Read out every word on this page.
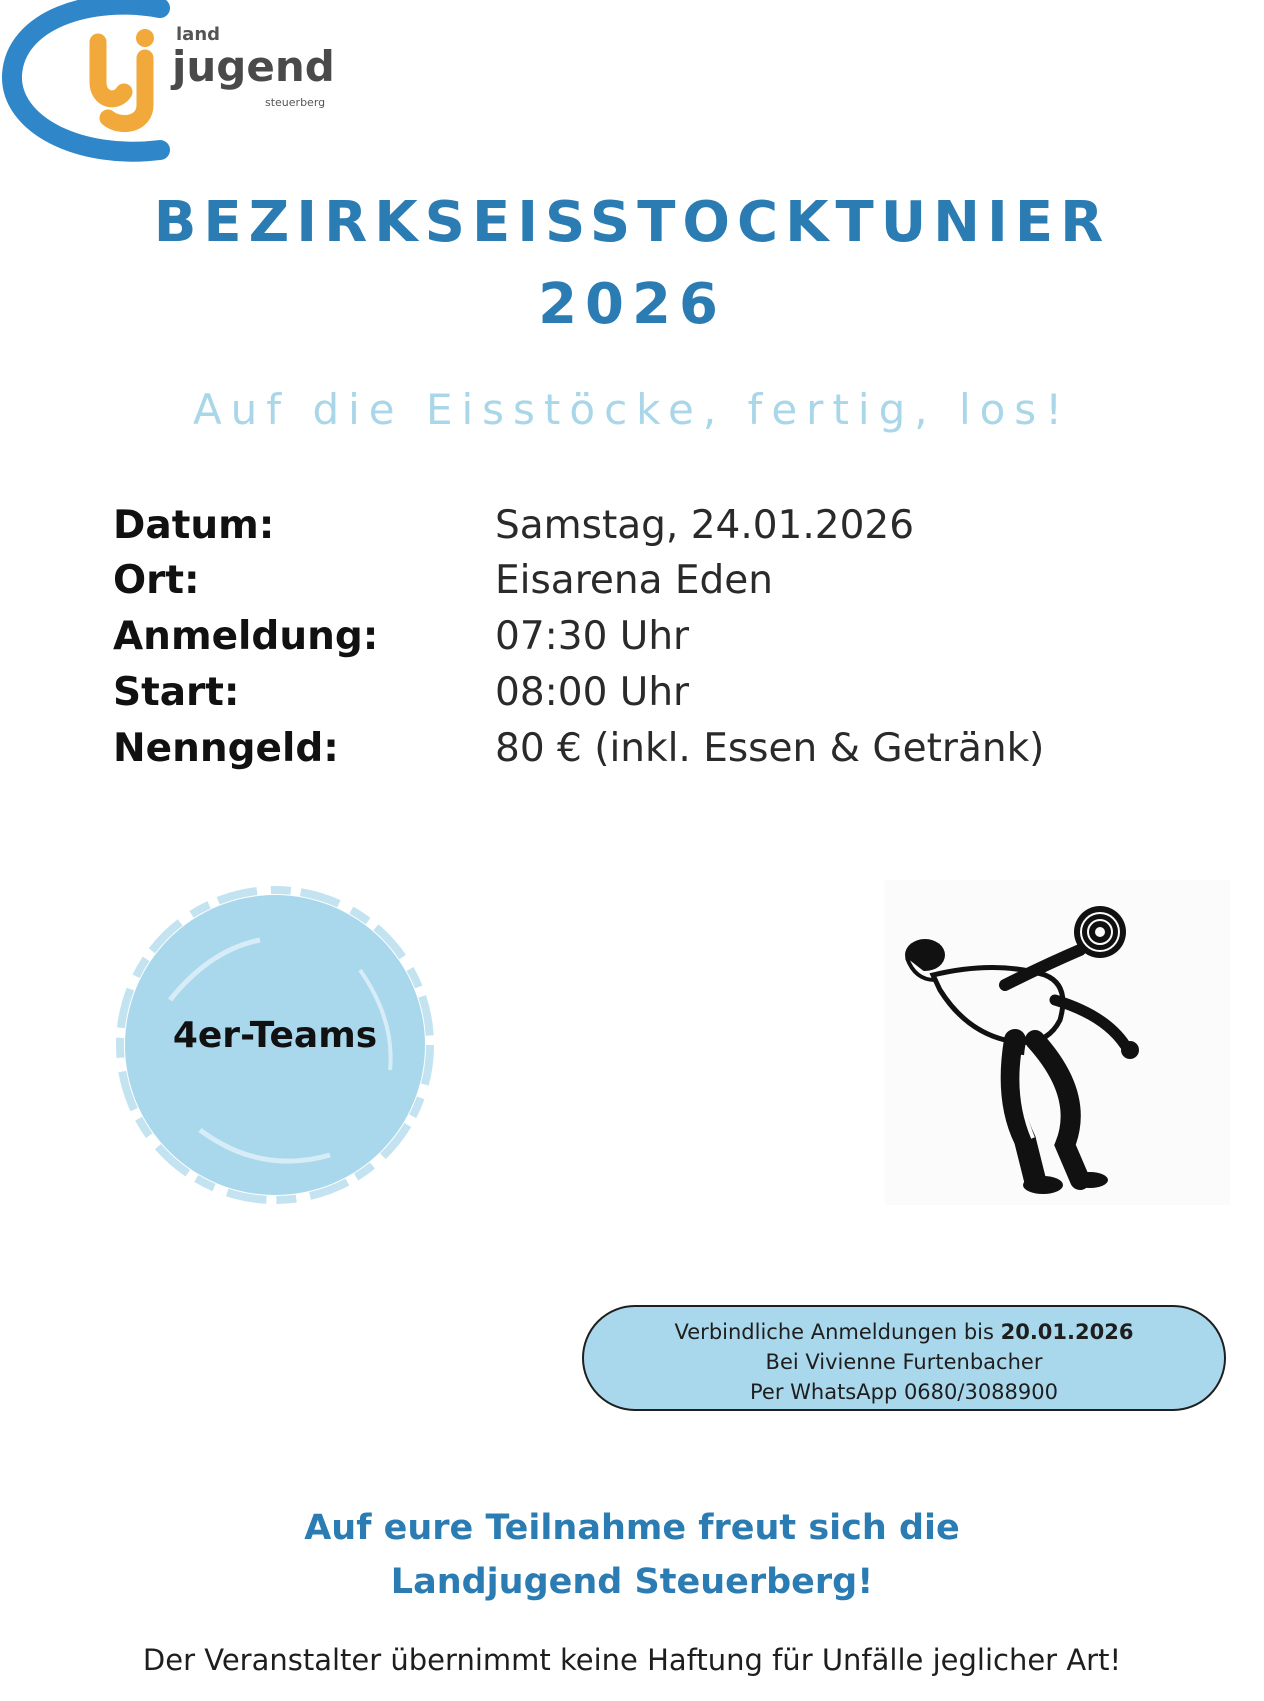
land
jugend
steuerberg
BEZIRKSEISSTOCKTUNIER
2026
Auf die Eisstöcke, fertig, los!
Datum:	Samstag, 24.01.2026
Ort:	Eisarena Eden
Anmeldung:	07:30 Uhr
Start:	08:00 Uhr
Nenngeld:	80 € (inkl. Essen & Getränk)
4er-Teams
Verbindliche Anmeldungen bis 20.01.2026
Bei Vivienne Furtenbacher
Per WhatsApp 0680/3088900
Auf eure Teilnahme freut sich die
Landjugend Steuerberg!
Der Veranstalter übernimmt keine Haftung für Unfälle jeglicher Art!
